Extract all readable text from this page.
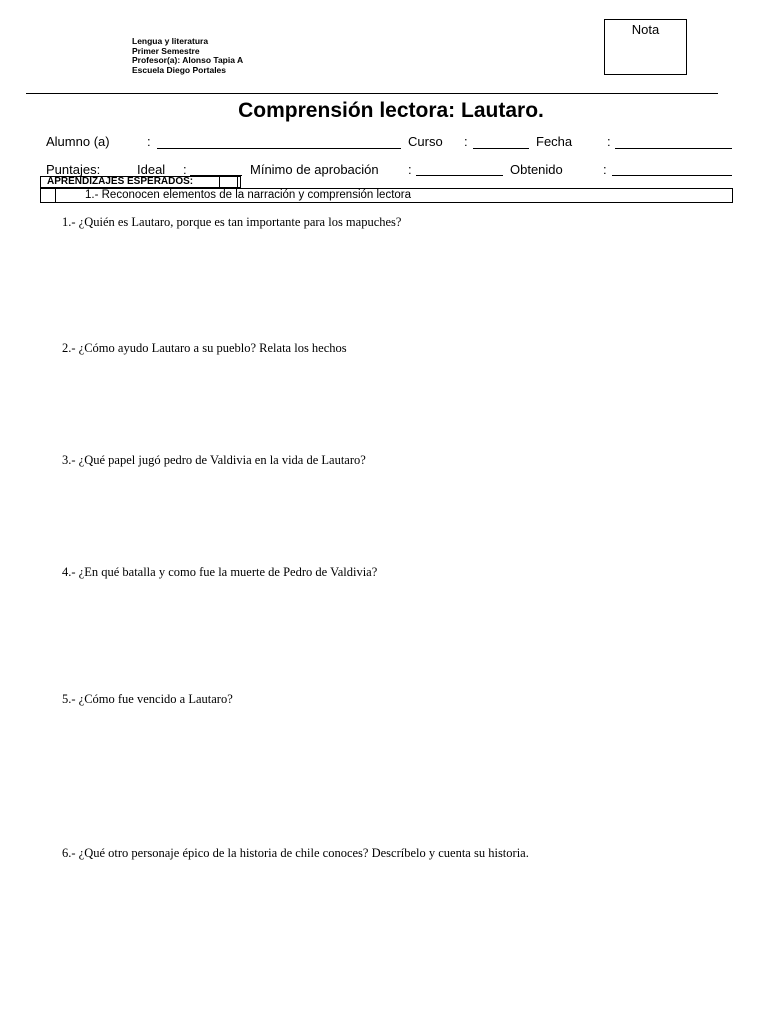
Lengua y literatura
Primer Semestre
Profesor(a): Alonso Tapia A
Escuela Diego Portales
Nota
Comprensión lectora: Lautaro.
Alumno (a)	:	Curso :	Fecha	:
Puntajes:	Ideal :	Mínimo de aprobación :	Obtenido	:
APRENDIZAJES ESPERADOS:
1.- Reconocen elementos de la narración y comprensión lectora
1.- ¿Quién es Lautaro, porque es tan importante para los mapuches?
2.- ¿Cómo ayudo Lautaro a su pueblo? Relata los hechos
3.- ¿Qué papel jugó pedro de Valdivia en la vida de Lautaro?
4.- ¿En qué batalla y como fue la muerte de Pedro de Valdivia?
5.- ¿Cómo fue vencido a Lautaro?
6.- ¿Qué otro personaje épico de la historia de chile conoces? Descríbelo y cuenta su historia.
